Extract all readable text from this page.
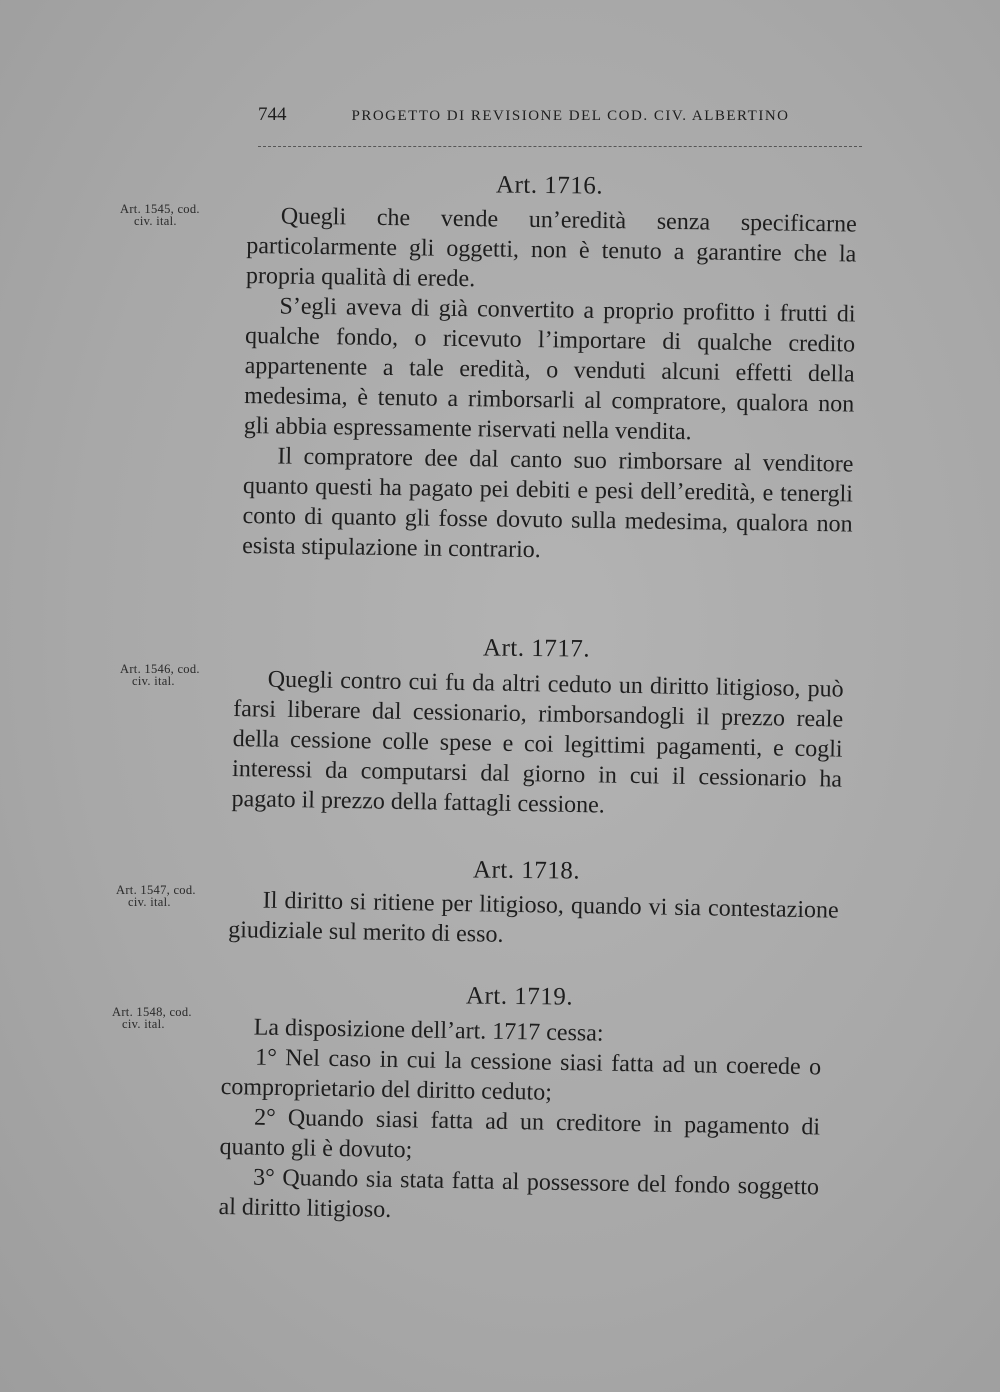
744	PROGETTO DI REVISIONE DEL COD. CIV. ALBERTINO
Art. 1545, cod.
civ. ital.
Art. 1716.

Quegli che vende un’eredità senza specificarne particolarmente gli oggetti, non è tenuto a garantire che la propria qualità di erede.

S’egli aveva di già convertito a proprio profitto i frutti di qualche fondo, o ricevuto l’importare di qualche credito appartenente a tale eredità, o venduti alcuni effetti della medesima, è tenuto a rimborsarli al compratore, qualora non gli abbia espressamente riservati nella vendita.

Il compratore dee dal canto suo rimborsare al venditore quanto questi ha pagato pei debiti e pesi dell’eredità, e tenergli conto di quanto gli fosse dovuto sulla medesima, qualora non esista stipulazione in contrario.

Art. 1546, cod.
civ. ital.
Art. 1717.

Quegli contro cui fu da altri ceduto un diritto litigioso, può farsi liberare dal cessionario, rimborsandogli il prezzo reale della cessione colle spese e coi legittimi pagamenti, e cogli interessi da computarsi dal giorno in cui il cessionario ha pagato il prezzo della fattagli cessione.

Art. 1547, cod.
civ. ital.
Art. 1718.

Il diritto si ritiene per litigioso, quando vi sia contestazione giudiziale sul merito di esso.

Art. 1548, cod.
civ. ital.
Art. 1719.

La disposizione dell’art. 1717 cessa:

1° Nel caso in cui la cessione siasi fatta ad un coerede o comproprietario del diritto ceduto;

2° Quando siasi fatta ad un creditore in pagamento di quanto gli è dovuto;

3° Quando sia stata fatta al possessore del fondo soggetto al diritto litigioso.
